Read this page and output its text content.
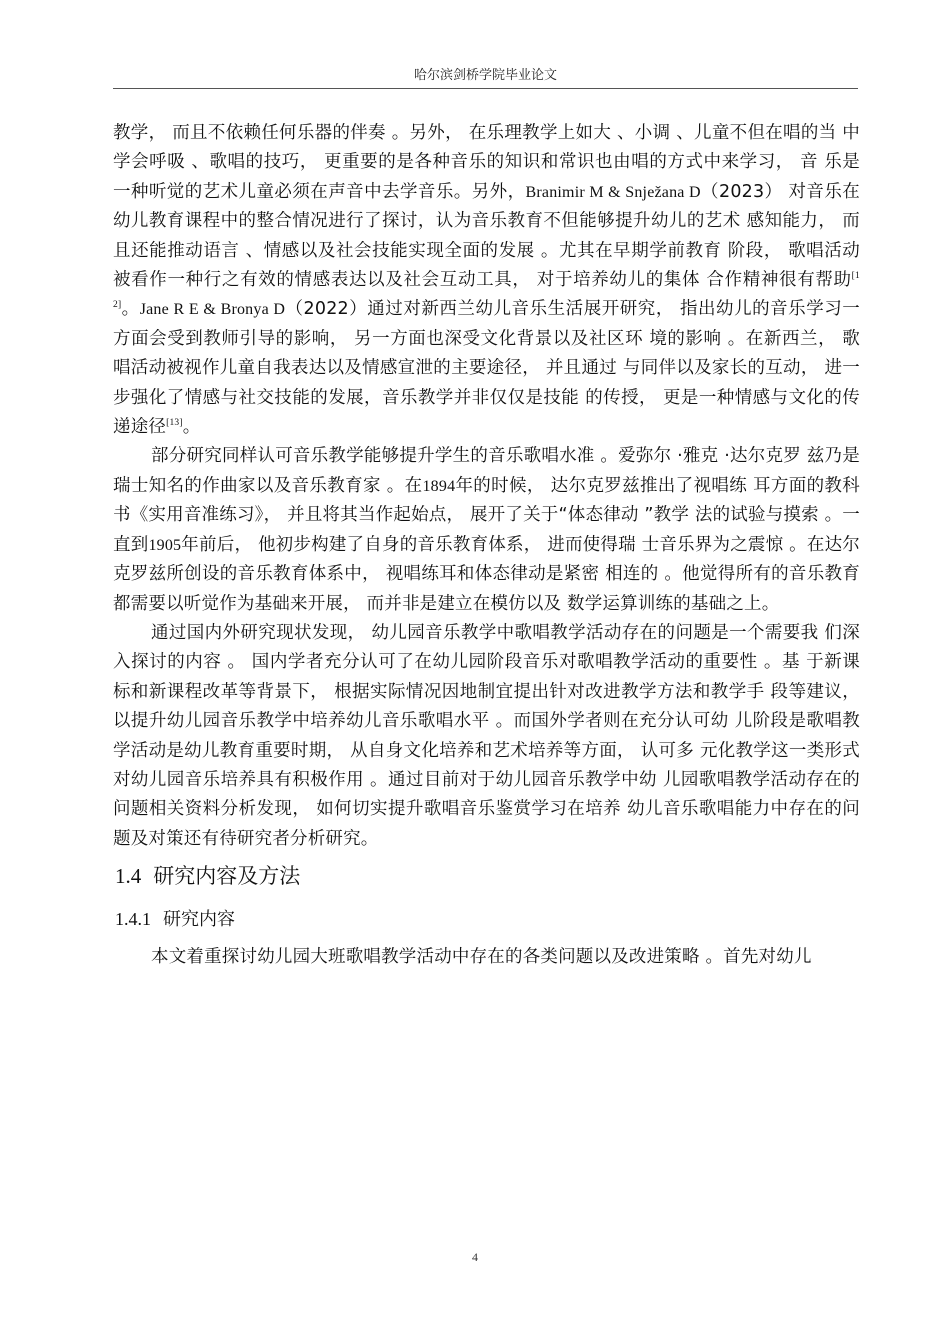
哈尔滨剑桥学院毕业论文

教学， 而且不依赖任何乐器的伴奏 。另外， 在乐理教学上如大 、小调 、儿童不但在唱的当 中学会呼吸 、歌唱的技巧， 更重要的是各种音乐的知识和常识也由唱的方式中来学习， 音 乐是一种听觉的艺术儿童必须在声音中去学音乐。另外，Branimir M & Snježana D（2023） 对音乐在幼儿教育课程中的整合情况进行了探讨，认为音乐教育不但能够提升幼儿的艺术 感知能力， 而且还能推动语言 、情感以及社会技能实现全面的发展 。尤其在早期学前教育 阶段， 歌唱活动被看作一种行之有效的情感表达以及社会互动工具， 对于培养幼儿的集体 合作精神很有帮助[12]。Jane R E & Bronya D（2022）通过对新西兰幼儿音乐生活展开研究， 指出幼儿的音乐学习一方面会受到教师引导的影响， 另一方面也深受文化背景以及社区环 境的影响 。在新西兰， 歌唱活动被视作儿童自我表达以及情感宣泄的主要途径， 并且通过 与同伴以及家长的互动， 进一步强化了情感与社交技能的发展，音乐教学并非仅仅是技能 的传授， 更是一种情感与文化的传递途径[13]。

部分研究同样认可音乐教学能够提升学生的音乐歌唱水准 。爱弥尔 ·雅克 ·达尔克罗 兹乃是瑞士知名的作曲家以及音乐教育家 。在1894年的时候， 达尔克罗兹推出了视唱练 耳方面的教科书《实用音准练习》， 并且将其当作起始点， 展开了关于“体态律动 ”教学 法的试验与摸索 。一直到1905年前后， 他初步构建了自身的音乐教育体系， 进而使得瑞 士音乐界为之震惊 。在达尔克罗兹所创设的音乐教育体系中， 视唱练耳和体态律动是紧密 相连的 。他觉得所有的音乐教育都需要以听觉作为基础来开展， 而并非是建立在模仿以及 数学运算训练的基础之上。

通过国内外研究现状发现， 幼儿园音乐教学中歌唱教学活动存在的问题是一个需要我 们深入探讨的内容 。 国内学者充分认可了在幼儿园阶段音乐对歌唱教学活动的重要性 。基 于新课标和新课程改革等背景下， 根据实际情况因地制宜提出针对改进教学方法和教学手 段等建议， 以提升幼儿园音乐教学中培养幼儿音乐歌唱水平 。而国外学者则在充分认可幼 儿阶段是歌唱教学活动是幼儿教育重要时期， 从自身文化培养和艺术培养等方面， 认可多 元化教学这一类形式对幼儿园音乐培养具有积极作用 。通过目前对于幼儿园音乐教学中幼 儿园歌唱教学活动存在的问题相关资料分析发现， 如何切实提升歌唱音乐鉴赏学习在培养 幼儿音乐歌唱能力中存在的问题及对策还有待研究者分析研究。

1.4 研究内容及方法
1.4.1 研究内容

本文着重探讨幼儿园大班歌唱教学活动中存在的各类问题以及改进策略 。首先对幼儿

4
